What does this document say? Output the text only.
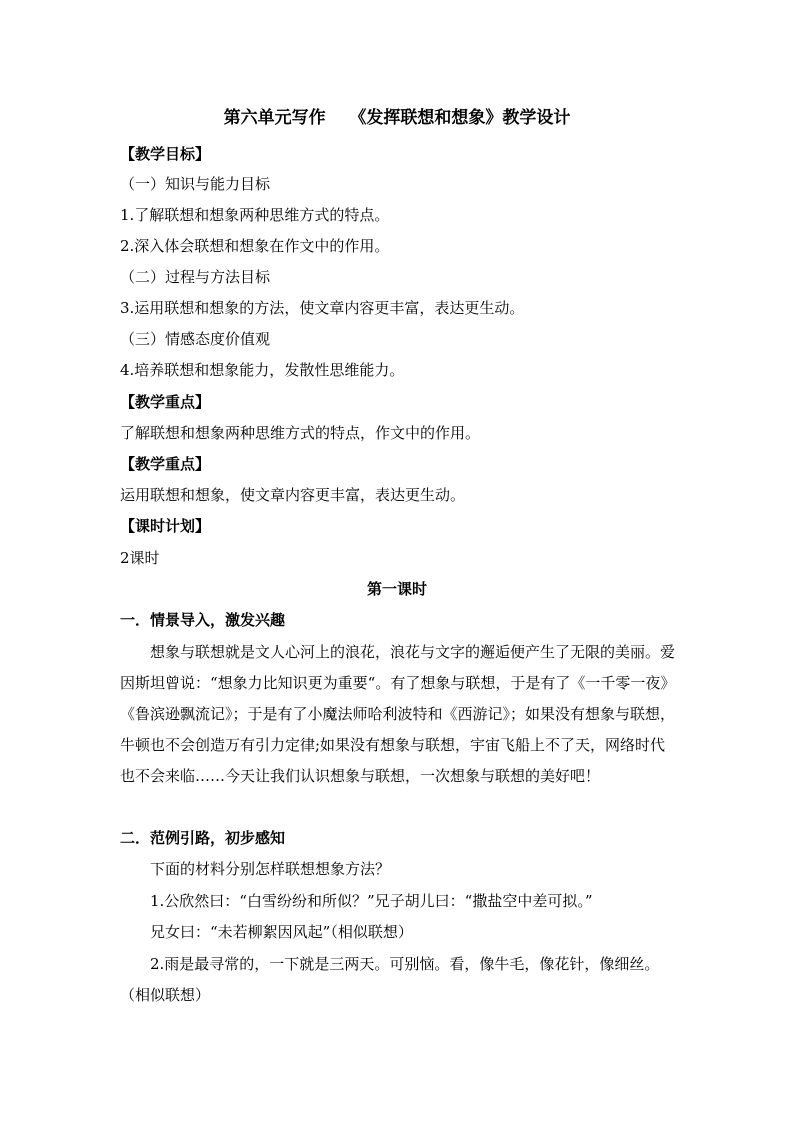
第六单元写作    《发挥联想和想象》教学设计
【教学目标】
（一）知识与能力目标
1.了解联想和想象两种思维方式的特点。
2.深入体会联想和想象在作文中的作用。
（二）过程与方法目标
3.运用联想和想象的方法，使文章内容更丰富，表达更生动。
（三）情感态度价值观
4.培养联想和想象能力，发散性思维能力。
【教学重点】
了解联想和想象两种思维方式的特点，作文中的作用。
【教学重点】
运用联想和想象，使文章内容更丰富，表达更生动。
【课时计划】
2课时
第一课时
一．情景导入，激发兴趣
想象与联想就是文人心河上的浪花，浪花与文字的邂逅便产生了无限的美丽。爱因斯坦曾说：“想象力比知识更为重要“。有了想象与联想，于是有了《一千零一夜》《鲁滨逊飘流记》；于是有了小魔法师哈利波特和《西游记》；如果没有想象与联想，牛顿也不会创造万有引力定律;如果没有想象与联想，宇宙飞船上不了天，网络时代也不会来临……今天让我们认识想象与联想，一次想象与联想的美好吧！
二．范例引路，初步感知
下面的材料分别怎样联想想象方法？
1.公欣然曰：“白雪纷纷和所似？”兄子胡儿曰：“撒盐空中差可拟。”
兄女曰：“未若柳絮因风起”（相似联想）
2.雨是最寻常的，一下就是三两天。可别恼。看，像牛毛，像花针，像细丝。（相似联想）
